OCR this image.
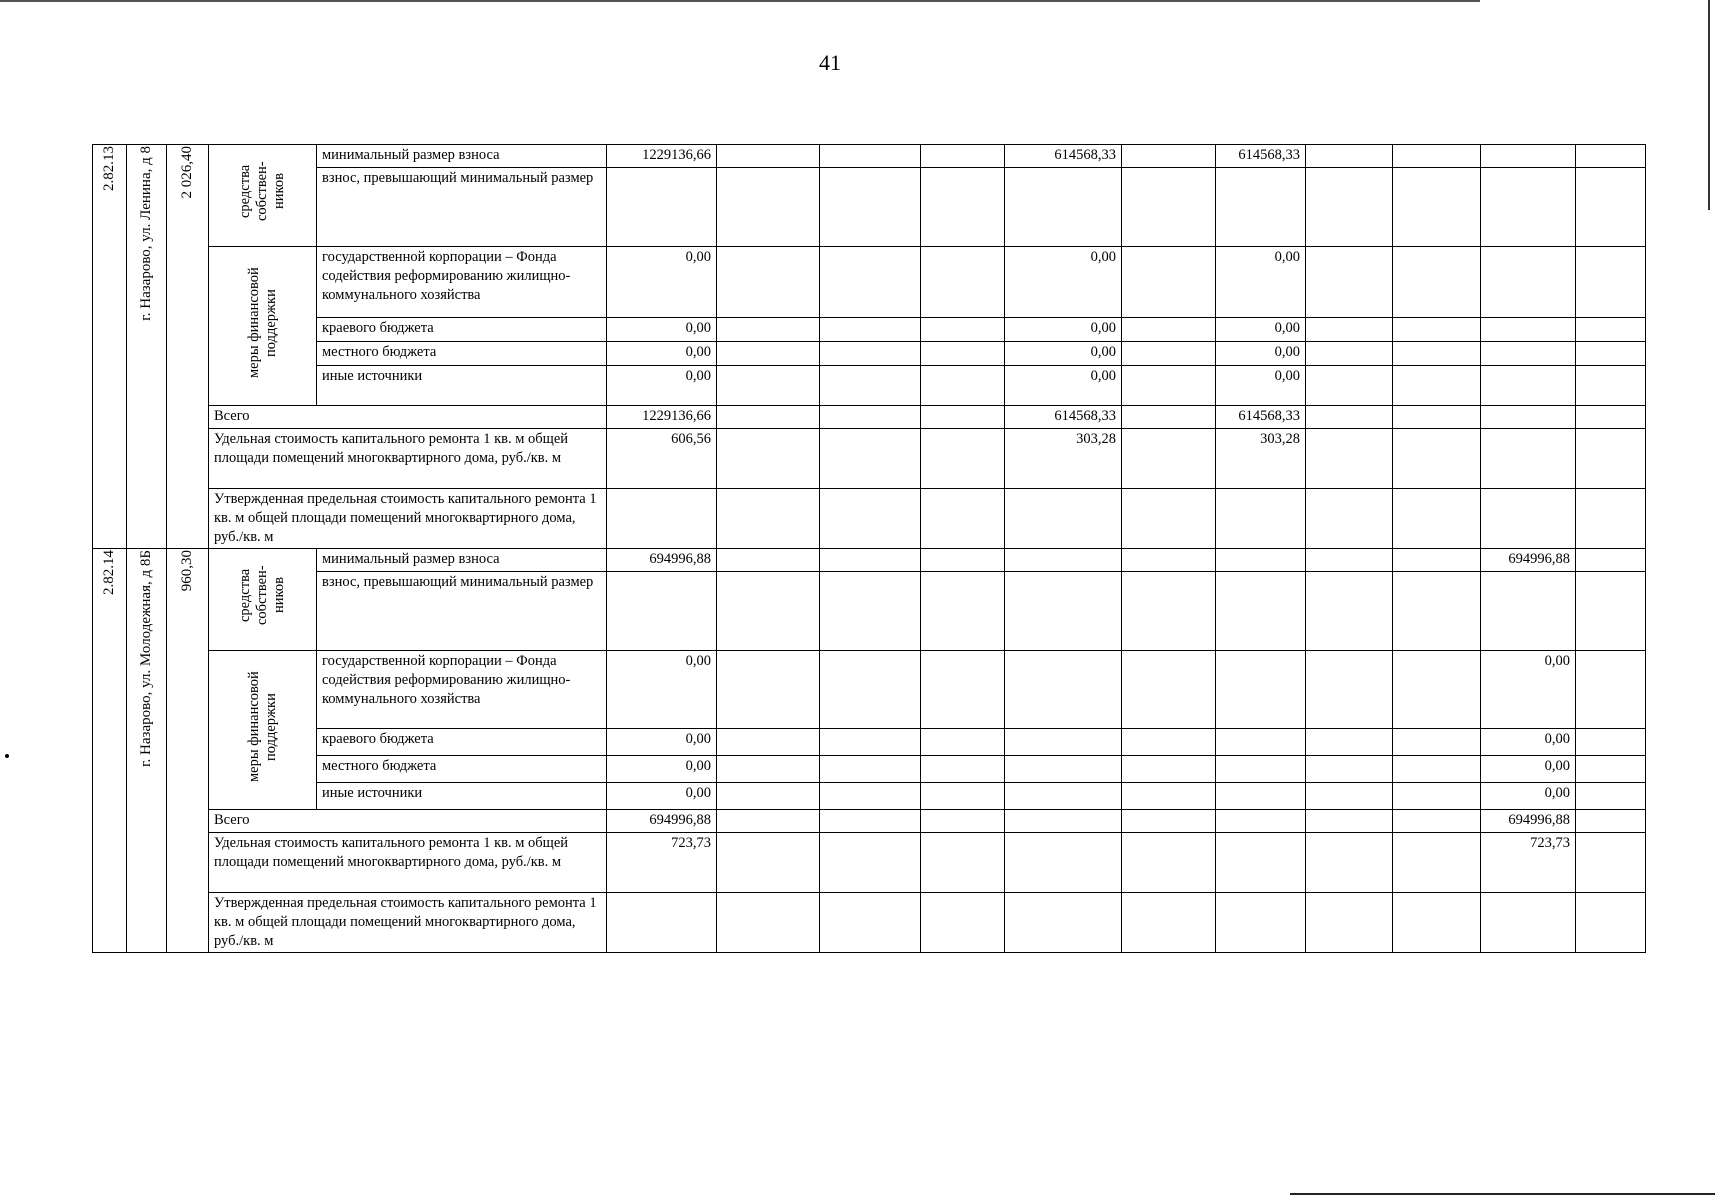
41
2.82.13	г. Назарово, ул. Ленина, д 8	2 026,40	средства собствен-ников	минимальный размер взноса	1229136,66				614568,33		614568,33				
				взнос, превышающий минимальный размер											
			меры финансовой поддержки	государственной корпорации – Фонда содействия реформированию жилищно-коммунального хозяйства	0,00				0,00		0,00				
				краевого бюджета	0,00				0,00		0,00				
				местного бюджета	0,00				0,00		0,00				
				иные источники	0,00				0,00		0,00				
			Всего		1229136,66				614568,33		614568,33				
			Удельная стоимость капитального ремонта 1 кв. м общей площади помещений многоквартирного дома, руб./кв. м		606,56				303,28		303,28				
			Утвержденная предельная стоимость капитального ремонта 1 кв. м общей площади помещений многоквартирного дома, руб./кв. м												
2.82.14	г. Назарово, ул. Молодежная, д 8Б	960,30	средства собствен-ников	минимальный размер взноса	694996,88									694996,88	
				взнос, превышающий минимальный размер											
			меры финансовой поддержки	государственной корпорации – Фонда содействия реформированию жилищно-коммунального хозяйства	0,00									0,00	
				краевого бюджета	0,00									0,00	
				местного бюджета	0,00									0,00	
				иные источники	0,00									0,00	
			Всего		694996,88									694996,88	
			Удельная стоимость капитального ремонта 1 кв. м общей площади помещений многоквартирного дома, руб./кв. м		723,73									723,73	
			Утвержденная предельная стоимость капитального ремонта 1 кв. м общей площади помещений многоквартирного дома, руб./кв. м												
